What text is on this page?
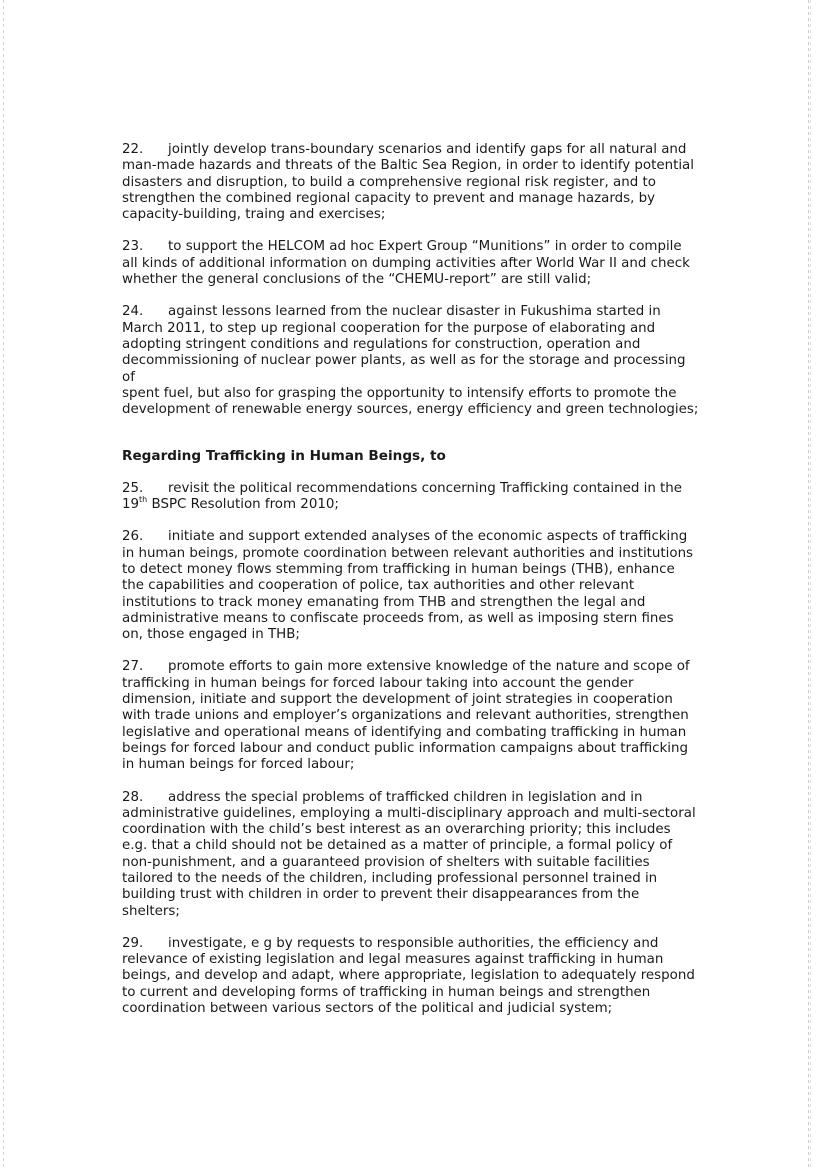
22. jointly develop trans-boundary scenarios and identify gaps for all natural and
man-made hazards and threats of the Baltic Sea Region, in order to identify potential
disasters and disruption, to build a comprehensive regional risk register, and to
strengthen the combined regional capacity to prevent and manage hazards, by
capacity-building, traing and exercises;

23. to support the HELCOM ad hoc Expert Group “Munitions” in order to compile
all kinds of additional information on dumping activities after World War II and check
whether the general conclusions of the “CHEMU-report” are still valid;

24. against lessons learned from the nuclear disaster in Fukushima started in
March 2011, to step up regional cooperation for the purpose of elaborating and
adopting stringent conditions and regulations for construction, operation and
decommissioning of nuclear power plants, as well as for the storage and processing of
spent fuel, but also for grasping the opportunity to intensify efforts to promote the
development of renewable energy sources, energy efficiency and green technologies;

Regarding Trafficking in Human Beings, to

25. revisit the political recommendations concerning Trafficking contained in the
19th BSPC Resolution from 2010;

26. initiate and support extended analyses of the economic aspects of trafficking
in human beings, promote coordination between relevant authorities and institutions
to detect money flows stemming from trafficking in human beings (THB), enhance
the capabilities and cooperation of police, tax authorities and other relevant
institutions to track money emanating from THB and strengthen the legal and
administrative means to confiscate proceeds from, as well as imposing stern fines
on, those engaged in THB;

27. promote efforts to gain more extensive knowledge of the nature and scope of
trafficking in human beings for forced labour taking into account the gender
dimension, initiate and support the development of joint strategies in cooperation
with trade unions and employer’s organizations and relevant authorities, strengthen
legislative and operational means of identifying and combating trafficking in human
beings for forced labour and conduct public information campaigns about trafficking
in human beings for forced labour;

28. address the special problems of trafficked children in legislation and in
administrative guidelines, employing a multi-disciplinary approach and multi-sectoral
coordination with the child’s best interest as an overarching priority; this includes
e.g. that a child should not be detained as a matter of principle, a formal policy of
non-punishment, and a guaranteed provision of shelters with suitable facilities
tailored to the needs of the children, including professional personnel trained in
building trust with children in order to prevent their disappearances from the
shelters;

29. investigate, e g by requests to responsible authorities, the efficiency and
relevance of existing legislation and legal measures against trafficking in human
beings, and develop and adapt, where appropriate, legislation to adequately respond
to current and developing forms of trafficking in human beings and strengthen
coordination between various sectors of the political and judicial system;
